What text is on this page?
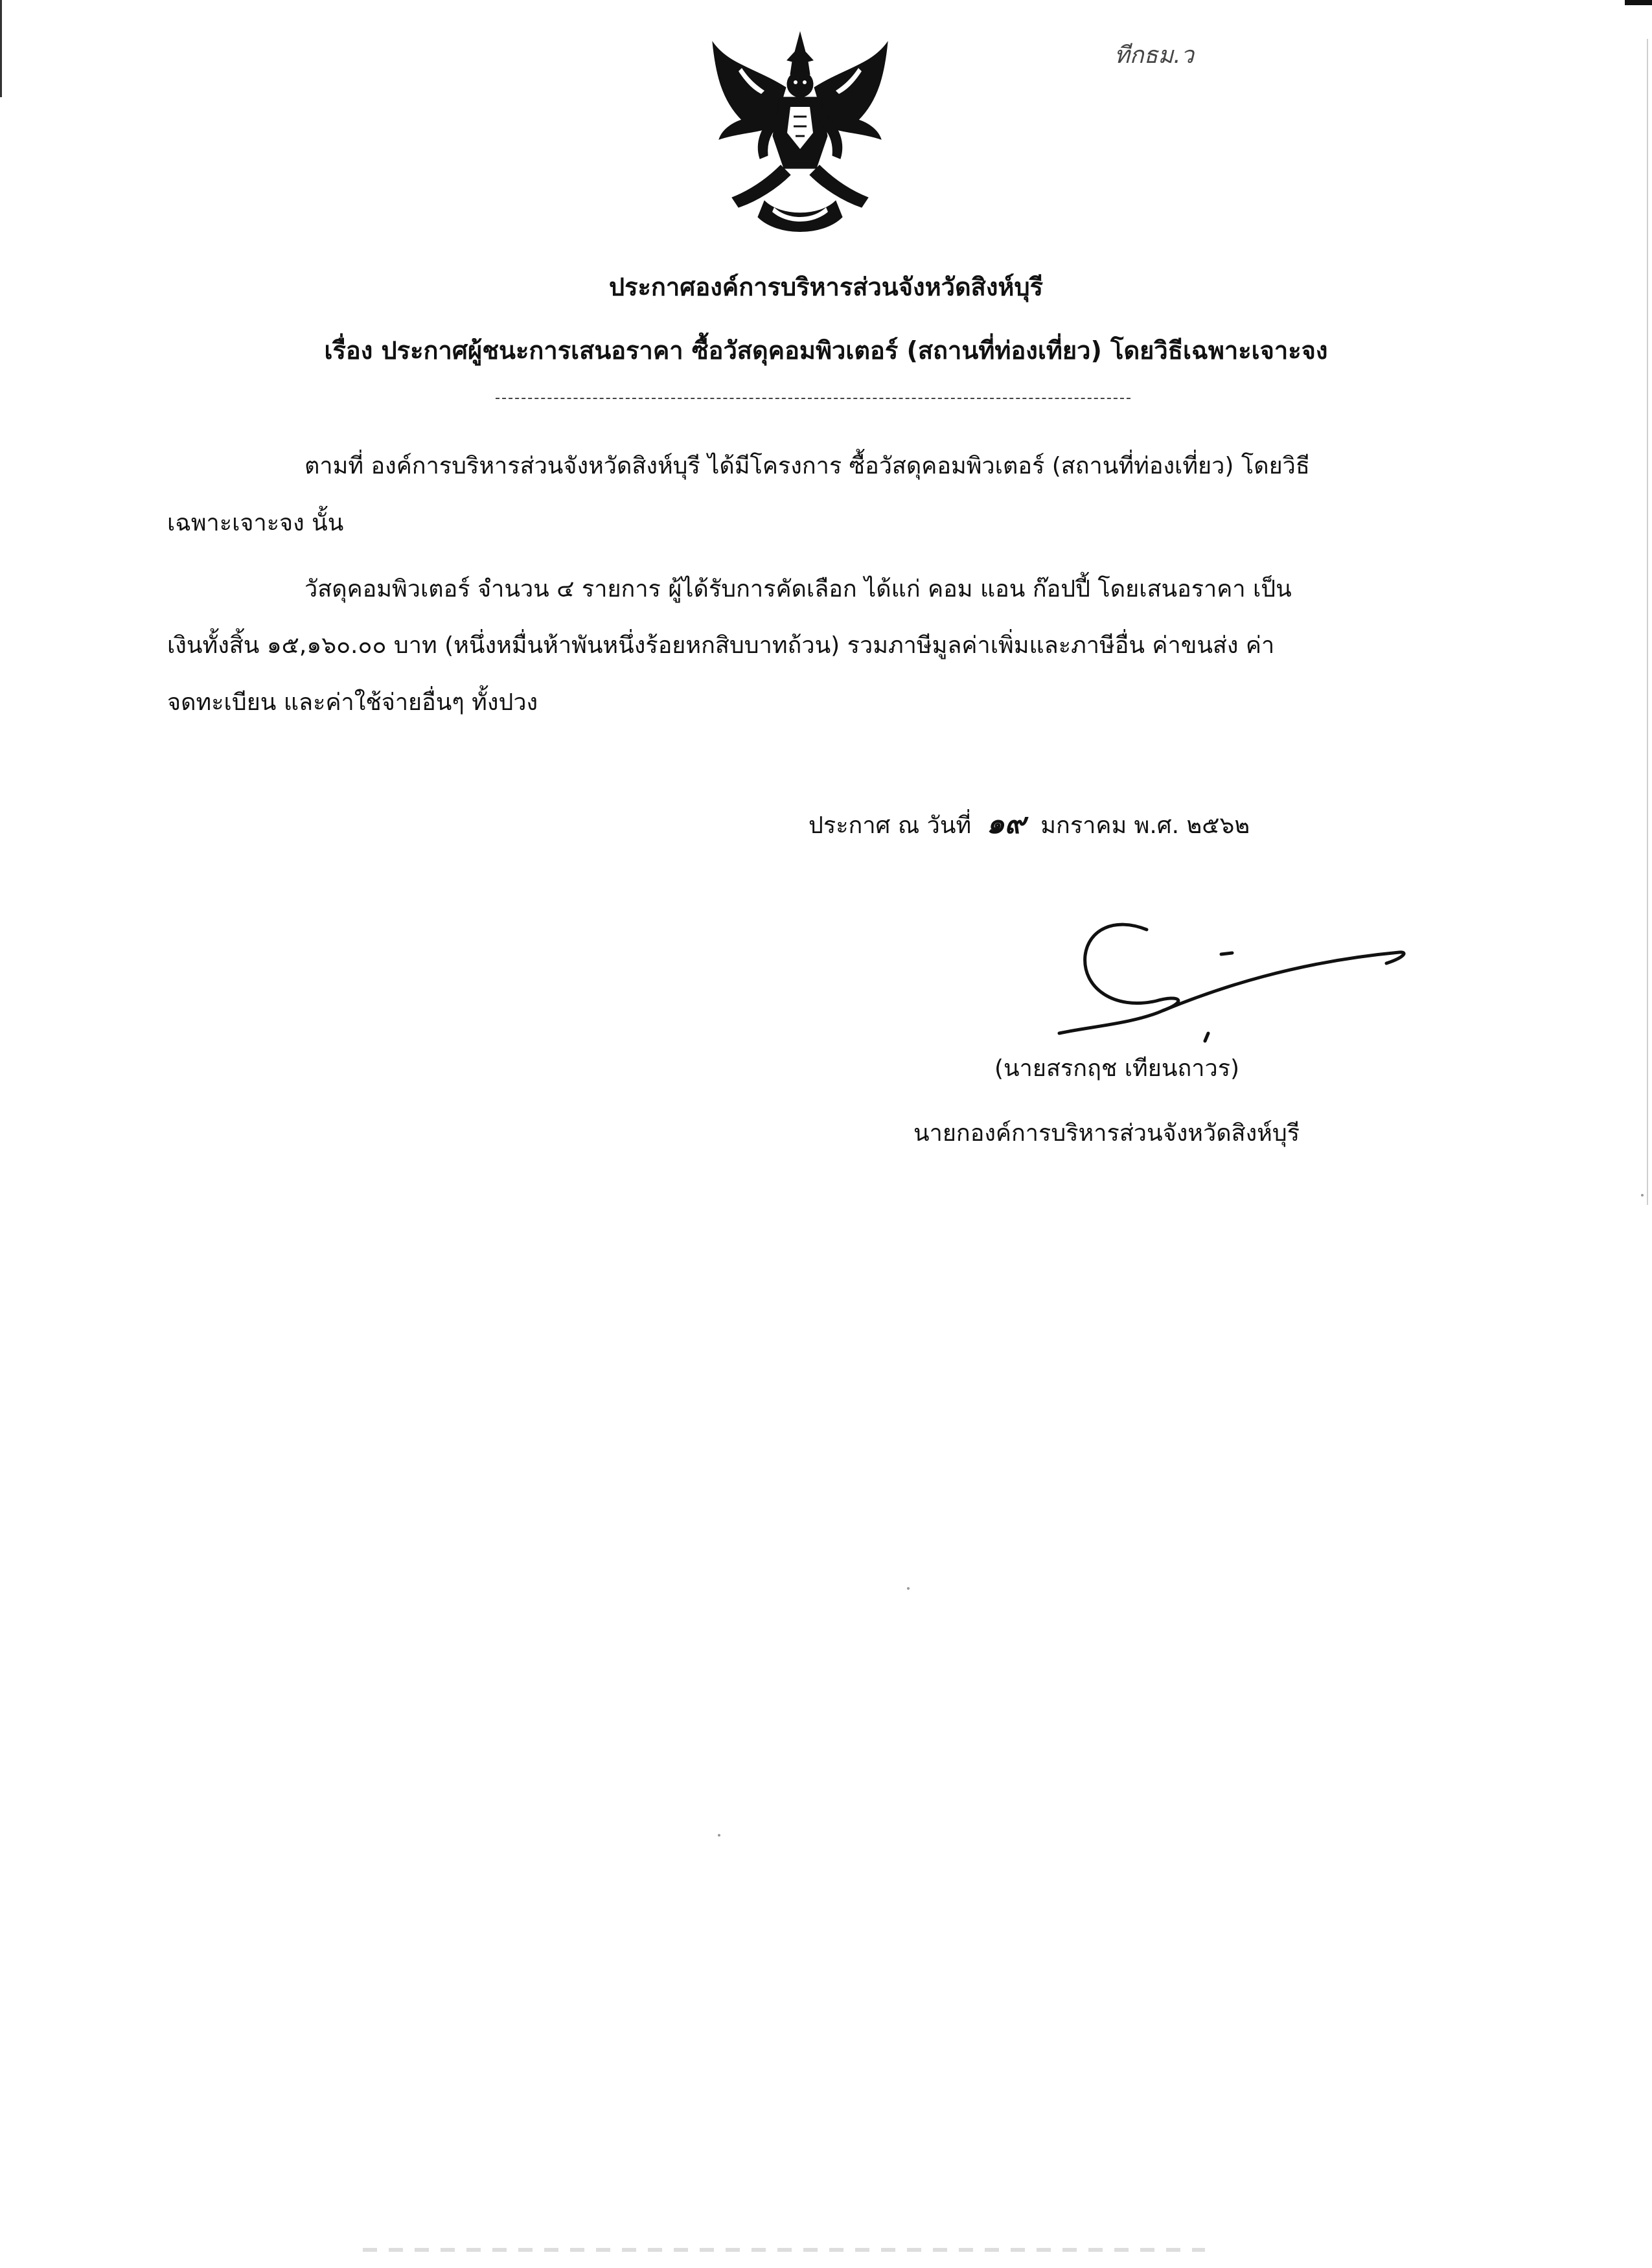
ทีกธม.ว
ประกาศองค์การบริหารส่วนจังหวัดสิงห์บุรี
เรื่อง ประกาศผู้ชนะการเสนอราคา ซื้อวัสดุคอมพิวเตอร์ (สถานที่ท่องเที่ยว) โดยวิธีเฉพาะเจาะจง
ตามที่ องค์การบริหารส่วนจังหวัดสิงห์บุรี ได้มีโครงการ ซื้อวัสดุคอมพิวเตอร์ (สถานที่ท่องเที่ยว) โดยวิธี
เฉพาะเจาะจง นั้น
วัสดุคอมพิวเตอร์ จำนวน ๔ รายการ ผู้ได้รับการคัดเลือก ได้แก่ คอม แอน ก๊อปปี้ โดยเสนอราคา เป็น
เงินทั้งสิ้น ๑๕,๑๖๐.๐๐ บาท (หนึ่งหมื่นห้าพันหนึ่งร้อยหกสิบบาทถ้วน) รวมภาษีมูลค่าเพิ่มและภาษีอื่น ค่าขนส่ง ค่า
จดทะเบียน และค่าใช้จ่ายอื่นๆ ทั้งปวง
ประกาศ ณ วันที่ ๑๙ มกราคม พ.ศ. ๒๕๖๒
(นายสรกฤช เทียนถาวร)
นายกองค์การบริหารส่วนจังหวัดสิงห์บุรี
